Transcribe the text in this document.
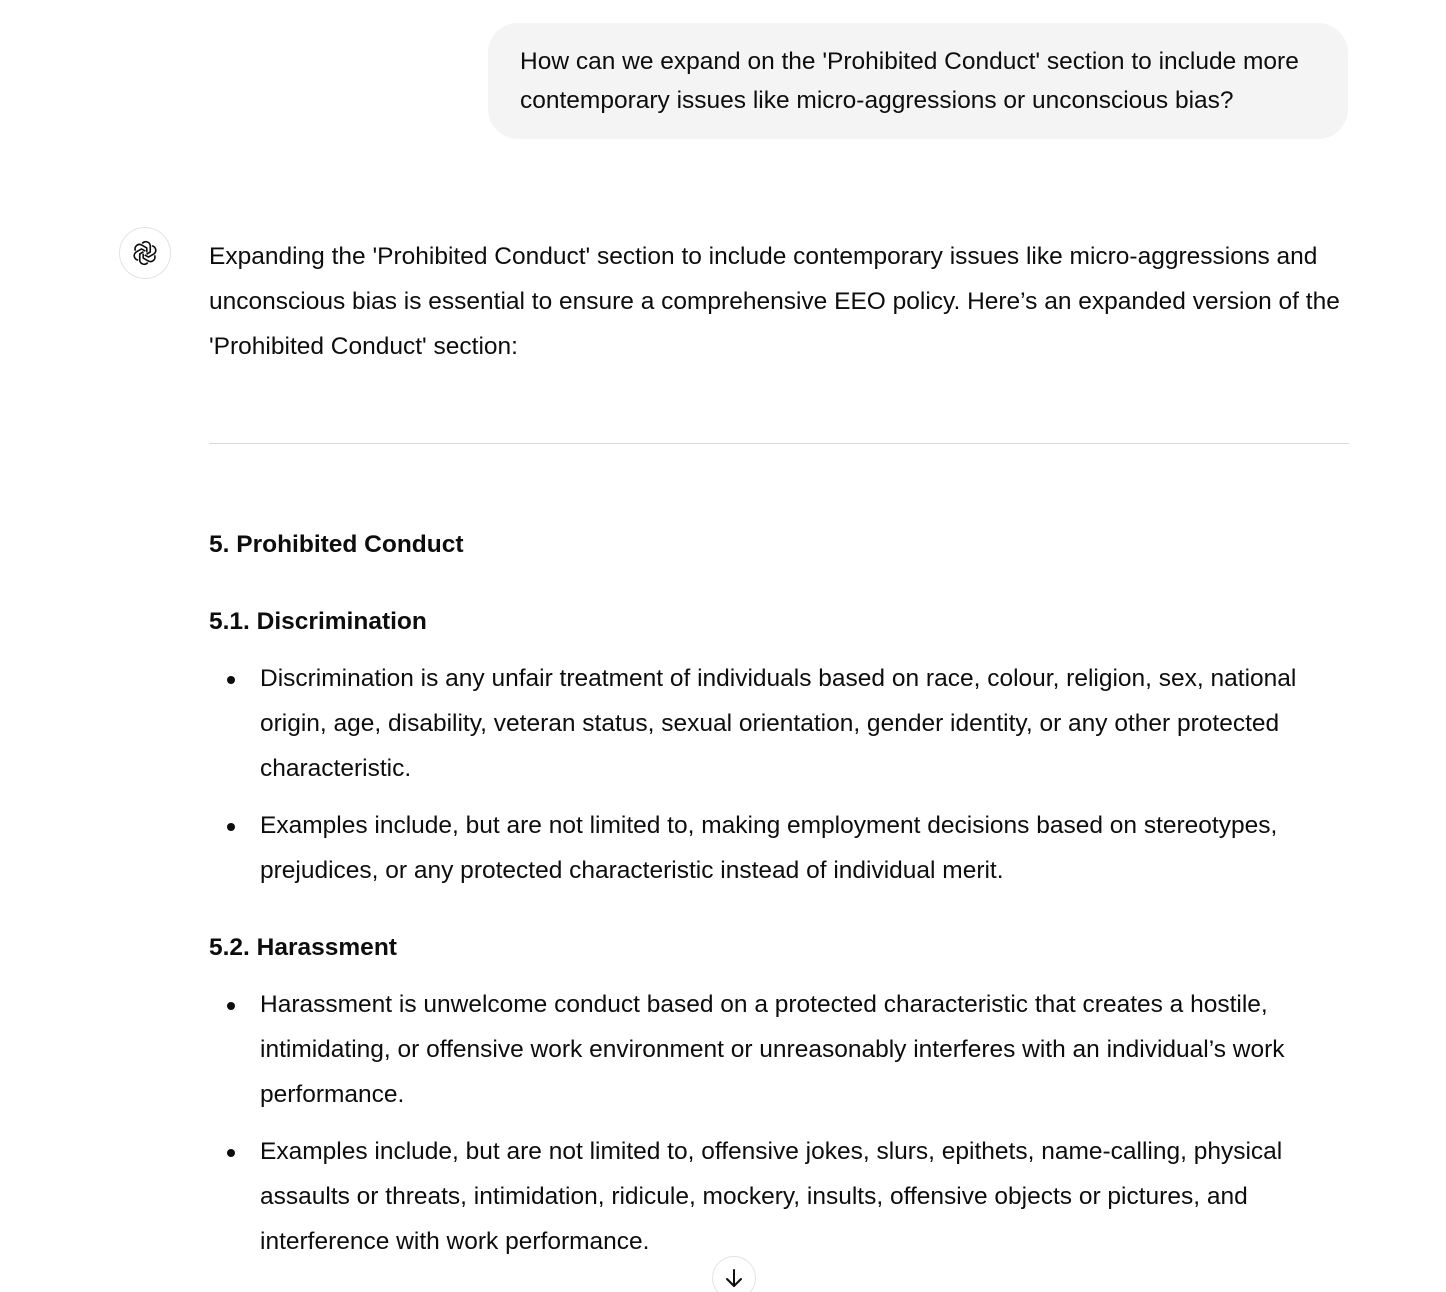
How can we expand on the 'Prohibited Conduct' section to include more contemporary issues like micro-aggressions or unconscious bias?

Expanding the 'Prohibited Conduct' section to include contemporary issues like micro-aggressions and unconscious bias is essential to ensure a comprehensive EEO policy. Here’s an expanded version of the 'Prohibited Conduct' section:

5. Prohibited Conduct
5.1. Discrimination
Discrimination is any unfair treatment of individuals based on race, colour, religion, sex, national origin, age, disability, veteran status, sexual orientation, gender identity, or any other protected characteristic.
Examples include, but are not limited to, making employment decisions based on stereotypes, prejudices, or any protected characteristic instead of individual merit.
5.2. Harassment
Harassment is unwelcome conduct based on a protected characteristic that creates a hostile, intimidating, or offensive work environment or unreasonably interferes with an individual’s work performance.
Examples include, but are not limited to, offensive jokes, slurs, epithets, name-calling, physical assaults or threats, intimidation, ridicule, mockery, insults, offensive objects or pictures, and interference with work performance.
